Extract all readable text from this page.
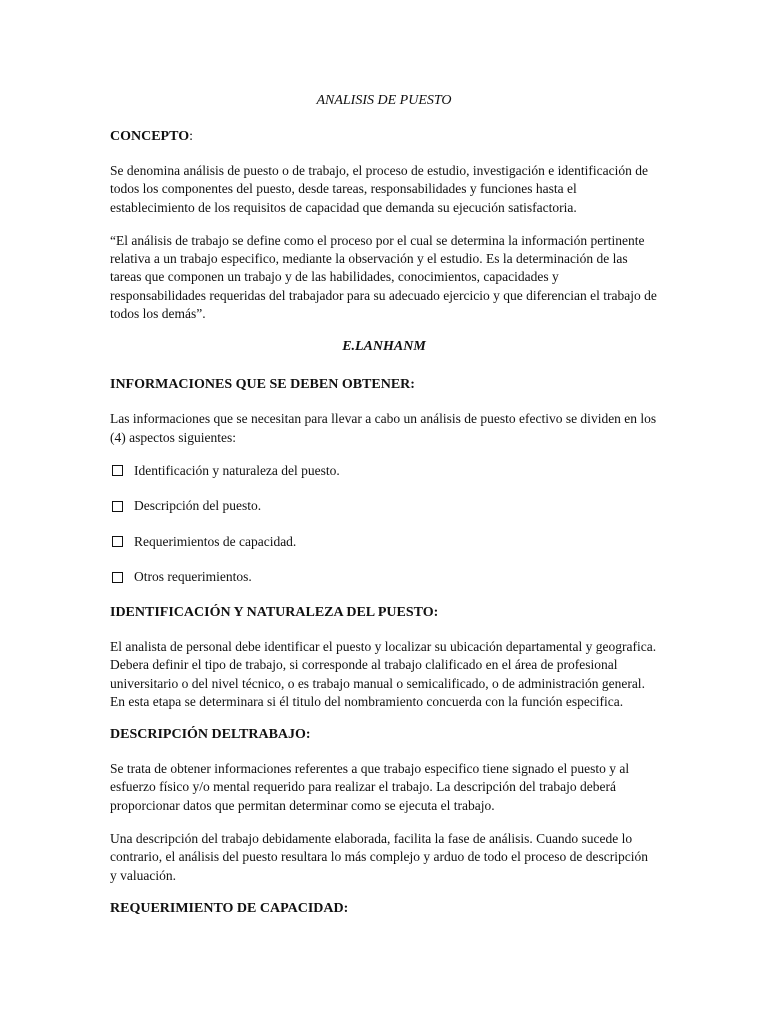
ANALISIS DE PUESTO
CONCEPTO:

Se denomina análisis de puesto o de trabajo, el proceso de estudio, investigación e identificación de todos los componentes del puesto, desde tareas, responsabilidades y funciones hasta el establecimiento de los requisitos de capacidad que demanda su ejecución satisfactoria.

“El análisis de trabajo se define como el proceso por el cual se determina la información pertinente relativa a un trabajo especifico, mediante la observación y el estudio. Es la determinación de las tareas que componen un trabajo y de las habilidades, conocimientos, capacidades y responsabilidades requeridas del trabajador para su adecuado ejercicio y que diferencian el trabajo de todos los demás”.

E.LANHANM
INFORMACIONES QUE SE DEBEN OBTENER:

Las informaciones que se necesitan para llevar a cabo un análisis de puesto efectivo se dividen en los (4) aspectos siguientes:

Identificación y naturaleza del puesto.
Descripción del puesto.
Requerimientos de capacidad.
Otros requerimientos.
IDENTIFICACIÓN Y NATURALEZA DEL PUESTO:

El analista de personal debe identificar el puesto y localizar su ubicación departamental y geografica. Debera definir el tipo de trabajo, si corresponde al trabajo clalificado en el área de profesional universitario o del nivel técnico, o es trabajo manual o semicalificado, o de administración general. En esta etapa se determinara si él titulo del nombramiento concuerda con la función especifica.

DESCRIPCIÓN DELTRABAJO:

Se trata de obtener informaciones referentes a que trabajo especifico tiene signado el puesto y al esfuerzo físico y/o mental requerido para realizar el trabajo. La descripción del trabajo deberá proporcionar datos que permitan determinar como se ejecuta el trabajo.

Una descripción del trabajo debidamente elaborada, facilita la fase de análisis. Cuando sucede lo contrario, el análisis del puesto resultara lo más complejo y arduo de todo el proceso de descripción y valuación.

REQUERIMIENTO DE CAPACIDAD:
